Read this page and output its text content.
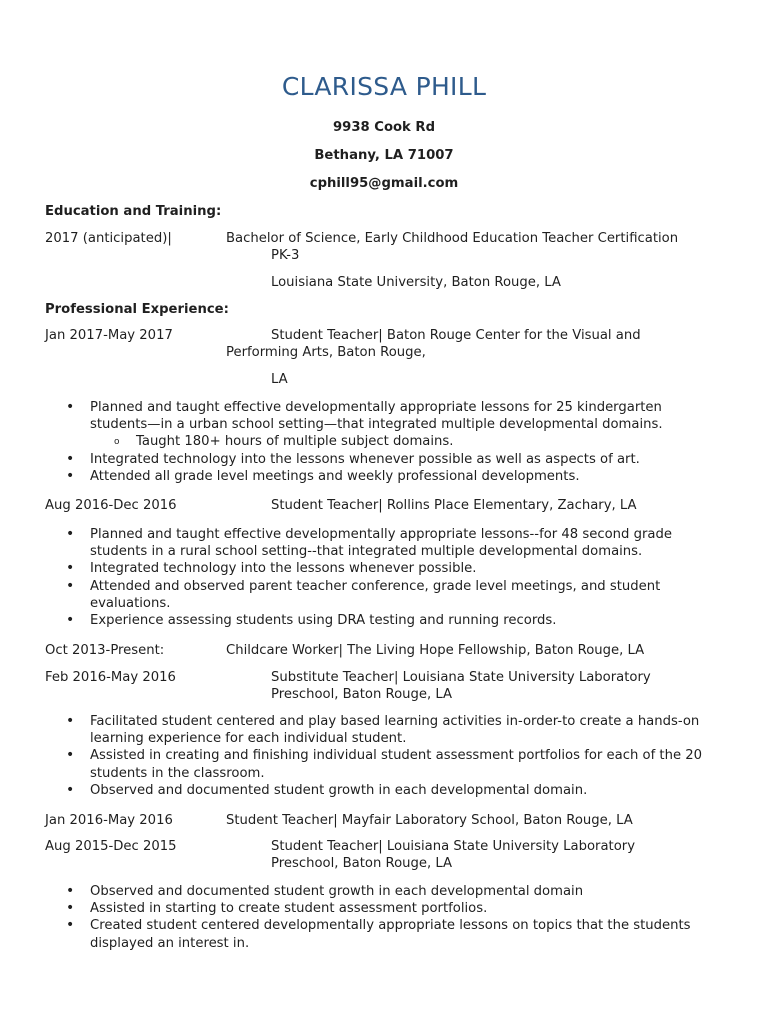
CLARISSA PHILL
9938 Cook Rd
Bethany, LA 71007
cphill95@gmail.com
Education and Training:
2017 (anticipated)|	Bachelor of Science, Early Childhood Education Teacher Certification
PK-3
Louisiana State University, Baton Rouge, LA
Professional Experience:
Jan 2017-May 2017	Student Teacher| Baton Rouge Center for the Visual and
Performing Arts, Baton Rouge,
LA
• Planned and taught effective developmentally appropriate lessons for 25 kindergarten students—in a urban school setting—that integrated multiple developmental domains.
o Taught 180+ hours of multiple subject domains.
• Integrated technology into the lessons whenever possible as well as aspects of art.
• Attended all grade level meetings and weekly professional developments.
Aug 2016-Dec 2016	Student Teacher| Rollins Place Elementary, Zachary, LA
• Planned and taught effective developmentally appropriate lessons--for 48 second grade students in a rural school setting--that integrated multiple developmental domains.
• Integrated technology into the lessons whenever possible.
• Attended and observed parent teacher conference, grade level meetings, and student evaluations.
• Experience assessing students using DRA testing and running records.
Oct 2013-Present:	Childcare Worker| The Living Hope Fellowship, Baton Rouge, LA
Feb 2016-May 2016	Substitute Teacher| Louisiana State University Laboratory
Preschool, Baton Rouge, LA
• Facilitated student centered and play based learning activities in-order-to create a hands-on learning experience for each individual student.
• Assisted in creating and finishing individual student assessment portfolios for each of the 20 students in the classroom.
• Observed and documented student growth in each developmental domain.
Jan 2016-May 2016	Student Teacher| Mayfair Laboratory School, Baton Rouge, LA
Aug 2015-Dec 2015	Student Teacher| Louisiana State University Laboratory
Preschool, Baton Rouge, LA
• Observed and documented student growth in each developmental domain
• Assisted in starting to create student assessment portfolios.
• Created student centered developmentally appropriate lessons on topics that the students displayed an interest in.
